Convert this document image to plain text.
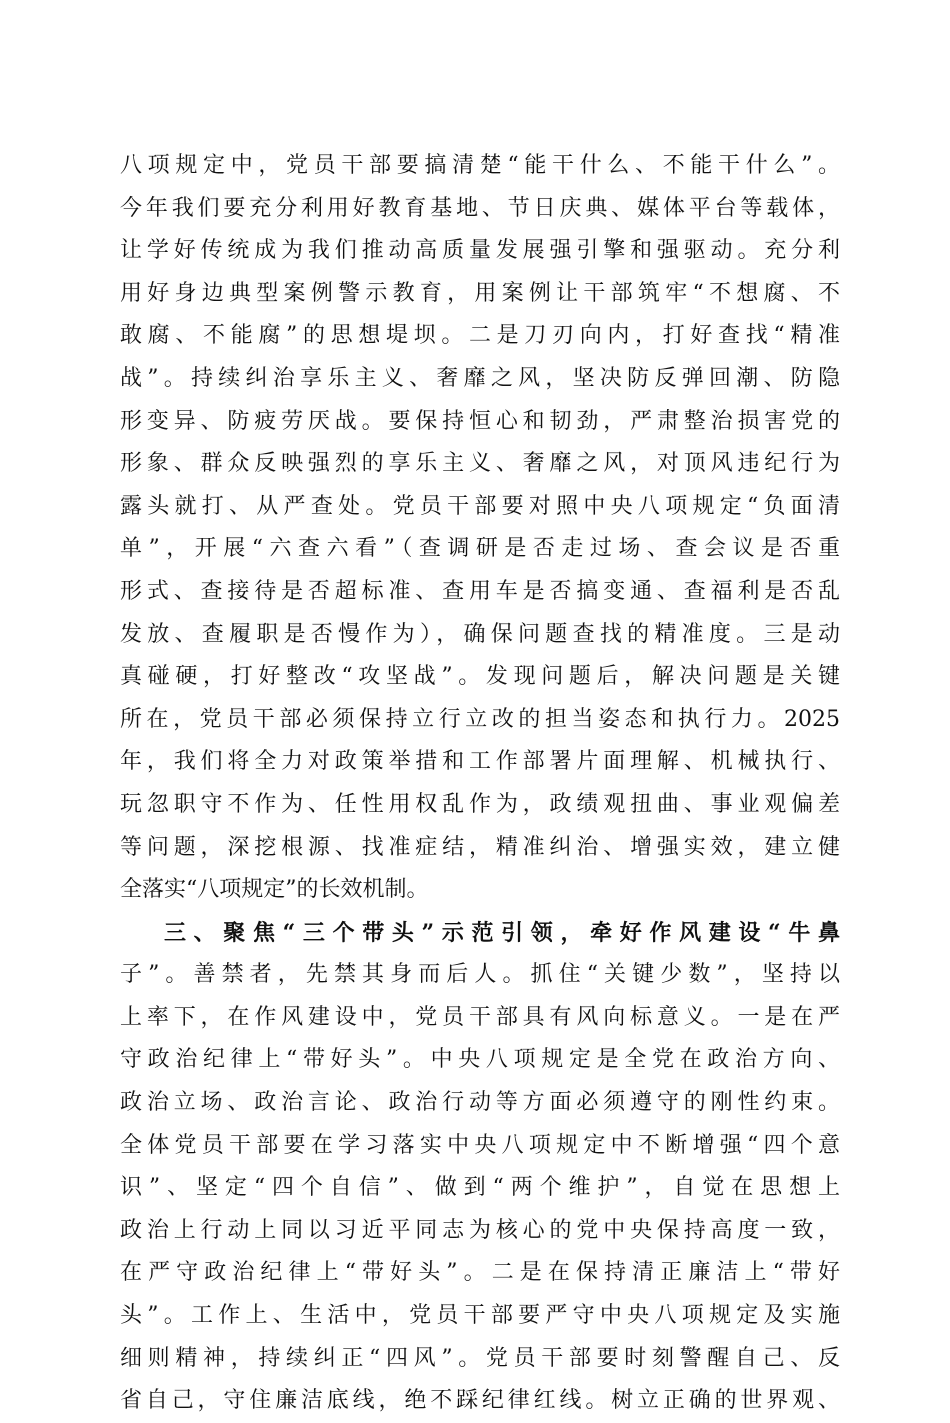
八项规定中，党员干部要搞清楚“能干什么、不能干什么”。
今年我们要充分利用好教育基地、节日庆典、媒体平台等载体，
让学好传统成为我们推动高质量发展强引擎和强驱动。充分利
用好身边典型案例警示教育，用案例让干部筑牢“不想腐、不
敢腐、不能腐”的思想堤坝。二是刀刃向内，打好查找“精准
战”。持续纠治享乐主义、奢靡之风，坚决防反弹回潮、防隐
形变异、防疲劳厌战。要保持恒心和韧劲，严肃整治损害党的
形象、群众反映强烈的享乐主义、奢靡之风，对顶风违纪行为
露头就打、从严查处。党员干部要对照中央八项规定“负面清
单”，开展“六查六看”（查调研是否走过场、查会议是否重
形式、查接待是否超标准、查用车是否搞变通、查福利是否乱
发放、查履职是否慢作为），确保问题查找的精准度。三是动
真碰硬，打好整改“攻坚战”。发现问题后，解决问题是关键
所在，党员干部必须保持立行立改的担当姿态和执行力。2025
年，我们将全力对政策举措和工作部署片面理解、机械执行、
玩忽职守不作为、任性用权乱作为，政绩观扭曲、事业观偏差
等问题，深挖根源、找准症结，精准纠治、增强实效，建立健
全落实“八项规定”的长效机制。
三、聚焦“三个带头”示范引领，牵好作风建设“牛鼻
子”。善禁者，先禁其身而后人。抓住“关键少数”，坚持以
上率下，在作风建设中，党员干部具有风向标意义。一是在严
守政治纪律上“带好头”。中央八项规定是全党在政治方向、
政治立场、政治言论、政治行动等方面必须遵守的刚性约束。
全体党员干部要在学习落实中央八项规定中不断增强“四个意
识”、坚定“四个自信”、做到“两个维护”，自觉在思想上
政治上行动上同以习近平同志为核心的党中央保持高度一致，
在严守政治纪律上“带好头”。二是在保持清正廉洁上“带好
头”。工作上、生活中，党员干部要严守中央八项规定及实施
细则精神，持续纠正“四风”。党员干部要时刻警醒自己、反
省自己，守住廉洁底线，绝不踩纪律红线。树立正确的世界观、
